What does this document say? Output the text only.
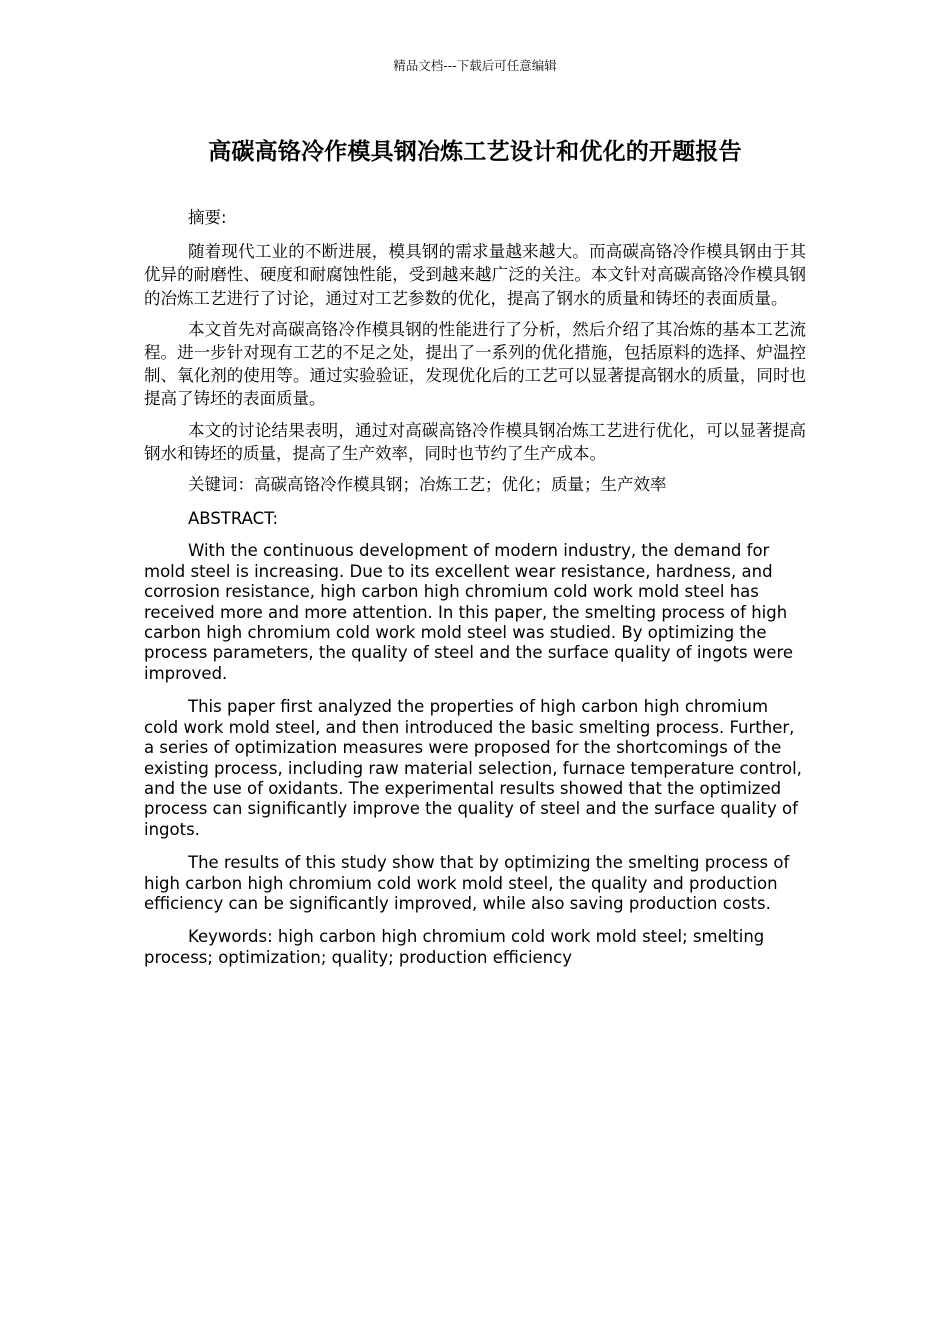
精品文档---下载后可任意编辑
高碳高铬冷作模具钢冶炼工艺设计和优化的开题报告

摘要:

随着现代工业的不断进展，模具钢的需求量越来越大。而高碳高铬冷作模具钢由于其优异的耐磨性、硬度和耐腐蚀性能，受到越来越广泛的关注。本文针对高碳高铬冷作模具钢的冶炼工艺进行了讨论，通过对工艺参数的优化，提高了钢水的质量和铸坯的表面质量。

本文首先对高碳高铬冷作模具钢的性能进行了分析，然后介绍了其冶炼的基本工艺流程。进一步针对现有工艺的不足之处，提出了一系列的优化措施，包括原料的选择、炉温控制、氧化剂的使用等。通过实验验证，发现优化后的工艺可以显著提高钢水的质量，同时也提高了铸坯的表面质量。

本文的讨论结果表明，通过对高碳高铬冷作模具钢冶炼工艺进行优化，可以显著提高钢水和铸坯的质量，提高了生产效率，同时也节约了生产成本。

关键词：高碳高铬冷作模具钢；冶炼工艺；优化；质量；生产效率

ABSTRACT:

With the continuous development of modern industry, the demand for mold steel is increasing. Due to its excellent wear resistance, hardness, and corrosion resistance, high carbon high chromium cold work mold steel has received more and more attention. In this paper, the smelting process of high carbon high chromium cold work mold steel was studied. By optimizing the process parameters, the quality of steel and the surface quality of ingots were improved.

This paper first analyzed the properties of high carbon high chromium cold work mold steel, and then introduced the basic smelting process. Further, a series of optimization measures were proposed for the shortcomings of the existing process, including raw material selection, furnace temperature control, and the use of oxidants. The experimental results showed that the optimized process can significantly improve the quality of steel and the surface quality of ingots.

The results of this study show that by optimizing the smelting process of high carbon high chromium cold work mold steel, the quality and production efficiency can be significantly improved, while also saving production costs.

Keywords: high carbon high chromium cold work mold steel; smelting process; optimization; quality; production efficiency
